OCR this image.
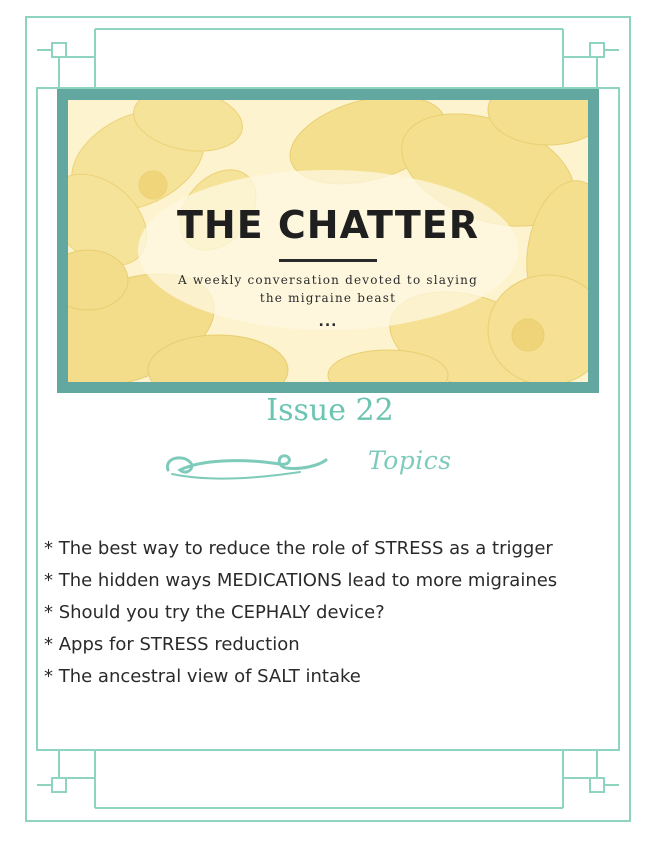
THE CHATTER
A weekly conversation devoted to slaying the migraine beast
...
Issue 22
Topics
* The best way to reduce the role of STRESS as a trigger
* The hidden ways MEDICATIONS lead to more migraines
* Should you try the CEPHALY device?
* Apps for STRESS reduction
* The ancestral view of SALT intake
